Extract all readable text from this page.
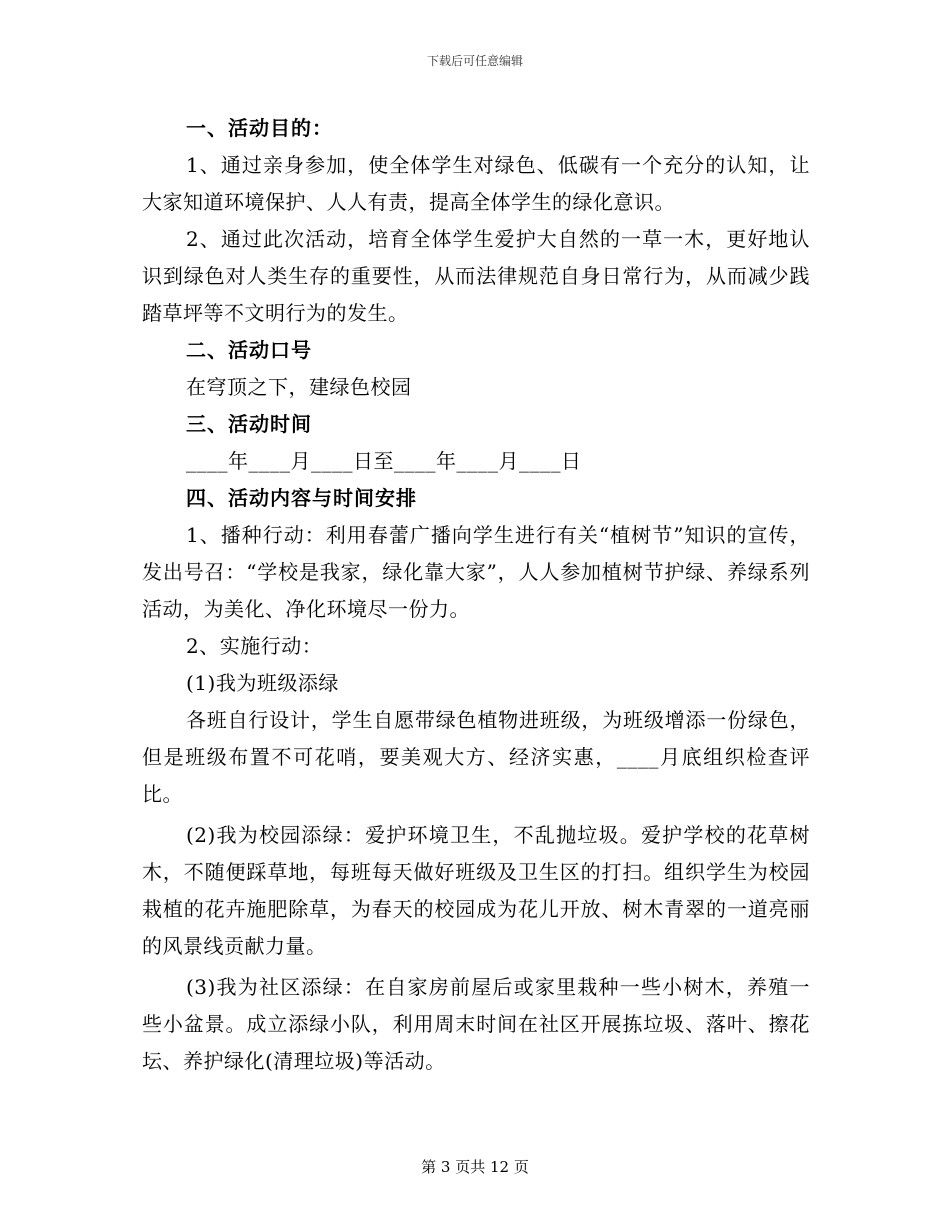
下载后可任意编辑

一、活动目的：

1、通过亲身参加，使全体学生对绿色、低碳有一个充分的认知，让大家知道环境保护、人人有责，提高全体学生的绿化意识。

2、通过此次活动，培育全体学生爱护大自然的一草一木，更好地认识到绿色对人类生存的重要性，从而法律规范自身日常行为，从而减少践踏草坪等不文明行为的发生。

二、活动口号

在穹顶之下，建绿色校园

三、活动时间

____年____月____日至____年____月____日

四、活动内容与时间安排

1、播种行动：利用春蕾广播向学生进行有关“植树节”知识的宣传，发出号召：“学校是我家，绿化靠大家”，人人参加植树节护绿、养绿系列活动，为美化、净化环境尽一份力。

2、实施行动：

(1)我为班级添绿

各班自行设计，学生自愿带绿色植物进班级，为班级增添一份绿色，但是班级布置不可花哨，要美观大方、经济实惠，____月底组织检查评比。

(2)我为校园添绿：爱护环境卫生，不乱抛垃圾。爱护学校的花草树木，不随便踩草地，每班每天做好班级及卫生区的打扫。组织学生为校园栽植的花卉施肥除草，为春天的校园成为花儿开放、树木青翠的一道亮丽的风景线贡献力量。

(3)我为社区添绿：在自家房前屋后或家里栽种一些小树木，养殖一些小盆景。成立添绿小队，利用周末时间在社区开展拣垃圾、落叶、擦花坛、养护绿化(清理垃圾)等活动。

第 3 页共 12 页
